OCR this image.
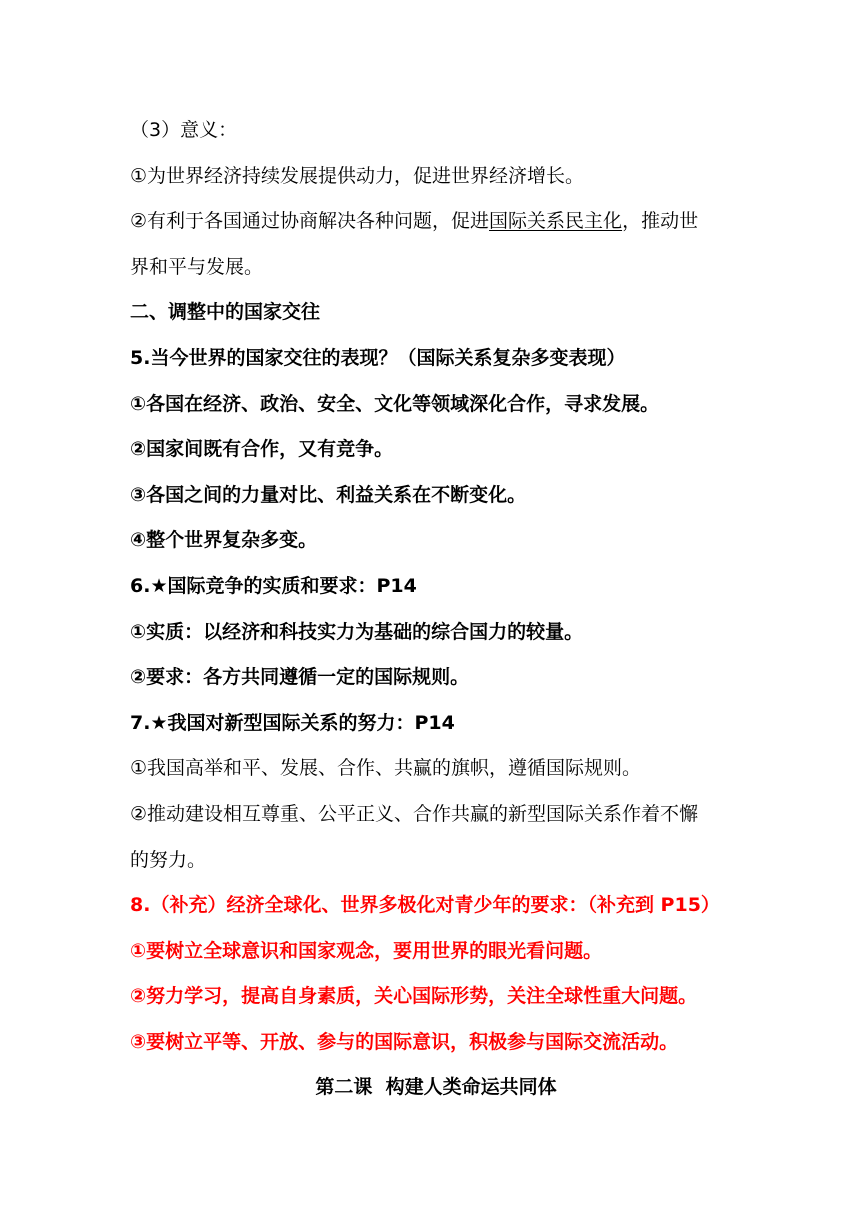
（3）意义：
①为世界经济持续发展提供动力，促进世界经济增长。
②有利于各国通过协商解决各种问题，促进国际关系民主化，推动世
界和平与发展。
二、调整中的国家交往
5.当今世界的国家交往的表现？（国际关系复杂多变表现）
①各国在经济、政治、安全、文化等领域深化合作，寻求发展。
②国家间既有合作，又有竞争。
③各国之间的力量对比、利益关系在不断变化。
④整个世界复杂多变。
6.★国际竞争的实质和要求：P14
①实质：以经济和科技实力为基础的综合国力的较量。
②要求：各方共同遵循一定的国际规则。
7.★我国对新型国际关系的努力：P14
①我国高举和平、发展、合作、共赢的旗帜，遵循国际规则。
②推动建设相互尊重、公平正义、合作共赢的新型国际关系作着不懈
的努力。
8.（补充）经济全球化、世界多极化对青少年的要求：（补充到 P15）
①要树立全球意识和国家观念，要用世界的眼光看问题。
②努力学习，提高自身素质，关心国际形势，关注全球性重大问题。
③要树立平等、开放、参与的国际意识，积极参与国际交流活动。
第二课  构建人类命运共同体
